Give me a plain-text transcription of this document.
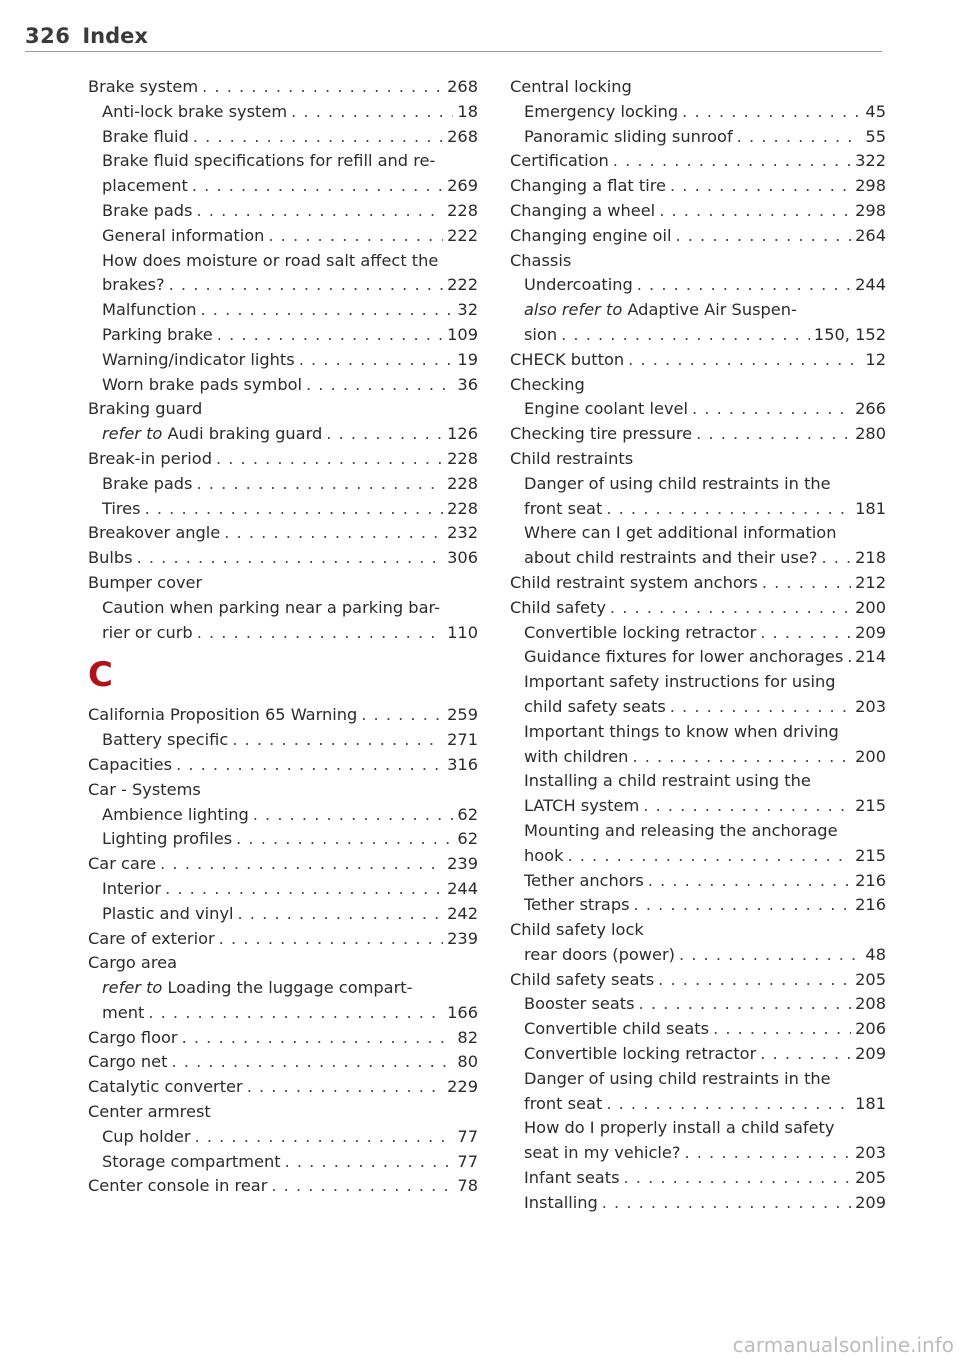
326 Index
Brake system . . .	268
Anti-lock brake system . . .	18
Brake fluid . . .	268
Brake fluid specifications for refill and re-
placement . . .	269
Brake pads . . .	228
General information . . .	222
How does moisture or road salt affect the
brakes? . . .	222
Malfunction . . .	32
Parking brake . . .	109
Warning/indicator lights . . .	19
Worn brake pads symbol . . .	36
Braking guard
refer to
Audi braking guard . . .	126
Break-in period . . .	228
Brake pads . . .	228
Tires . . .	228
Breakover angle . . .	232
Bulbs . . .	306
Bumper cover
Caution when parking near a parking bar-
rier or curb . . .	110
C
California Proposition 65 Warning . . .	259
Battery specific . . .	271
Capacities . . .	316
Car - Systems
Ambience lighting . . .	62
Lighting profiles . . .	62
Car care . . .	239
Interior . . .	244
Plastic and vinyl . . .	242
Care of exterior . . .	239
Cargo area
refer to
Loading the luggage compart-
ment . . .	166
Cargo floor . . .	82
Cargo net . . .	80
Catalytic converter . . .	229
Center armrest
Cup holder . . .	77
Storage compartment . . .	77
Center console in rear . . .	78
Central locking
Emergency locking . . .	45
Panoramic sliding sunroof . . .	55
Certification . . .	322
Changing a flat tire . . .	298
Changing a wheel . . .	298
Changing engine oil . . .	264
Chassis
Undercoating . . .	244
also refer to
Adaptive Air Suspen-
sion . . .	150, 152
CHECK button . . .	12
Checking
Engine coolant level . . .	266
Checking tire pressure . . .	280
Child restraints
Danger of using child restraints in the
front seat . . .	181
Where can I get additional information
about child restraints and their use? . . . 218
Child restraint system anchors . . .	212
Child safety . . .	200
Convertible locking retractor . . .	209
Guidance fixtures for lower anchorages . . . 214
Important safety instructions for using
child safety seats . . .	203
Important things to know when driving
with children . . .	200
Installing a child restraint using the
LATCH system . . .	215
Mounting and releasing the anchorage
hook . . .	215
Tether anchors . . .	216
Tether straps . . .	216
Child safety lock
rear doors (power) . . .	48
Child safety seats . . .	205
Booster seats . . .	208
Convertible child seats . . .	206
Convertible locking retractor . . .	209
Danger of using child restraints in the
front seat . . .	181
How do I properly install a child safety
seat in my vehicle? . . .	203
Infant seats . . .	205
Installing . . .	209
carmanualsonline.info
